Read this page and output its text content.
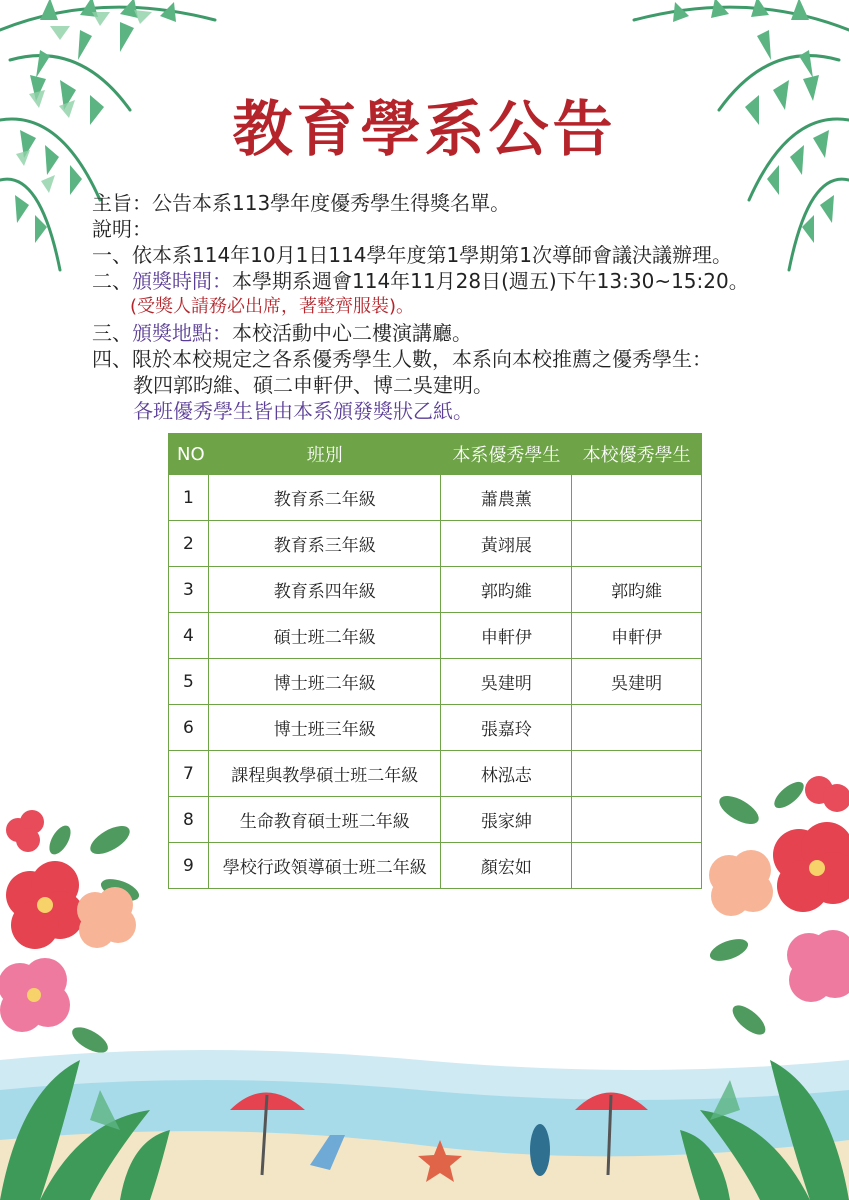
教育學系公告
主旨：公告本系113學年度優秀學生得獎名單。
說明：
一、依本系114年10月1日114學年度第1學期第1次導師會議決議辦理。
二、頒獎時間：本學期系週會114年11月28日(週五)下午13:30~15:20。
(受獎人請務必出席，著整齊服裝)。
三、頒獎地點：本校活動中心二樓演講廳。
四、限於本校規定之各系優秀學生人數，本系向本校推薦之優秀學生：
教四郭昀維、碩二申軒伊、博二吳建明。
各班優秀學生皆由本系頒發獎狀乙紙。
NO	班別	本系優秀學生	本校優秀學生
1	教育系二年級	蕭農薰	
2	教育系三年級	黃翊展	
3	教育系四年級	郭昀維	郭昀維
4	碩士班二年級	申軒伊	申軒伊
5	博士班二年級	吳建明	吳建明
6	博士班三年級	張嘉玲	
7	課程與教學碩士班二年級	林泓志	
8	生命教育碩士班二年級	張家紳	
9	學校行政領導碩士班二年級	顏宏如	
